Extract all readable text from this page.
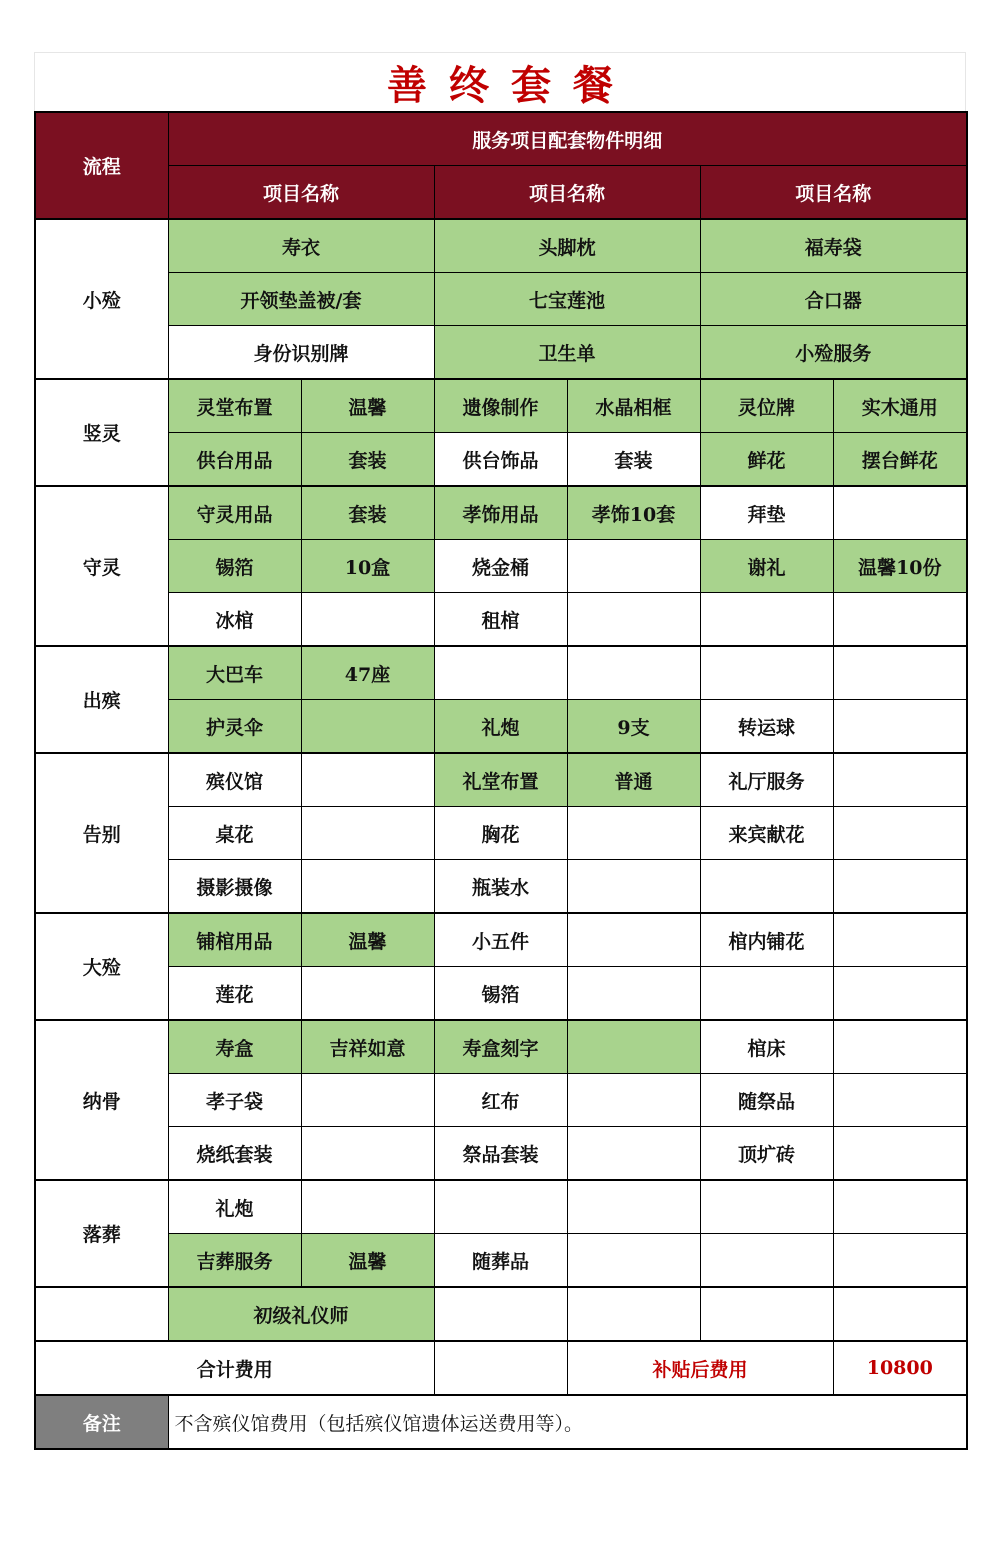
善终套餐
流程	服务项目配套物件明细					
	项目名称		项目名称		项目名称	
小殓	寿衣		头脚枕		福寿袋	
	开领垫盖被/套		七宝莲池		合口器	
	身份识别牌		卫生单		小殓服务	
竖灵	灵堂布置	温馨	遗像制作	水晶相框	灵位牌	实木通用
	供台用品	套装	供台饰品	套装	鲜花	摆台鲜花
守灵	守灵用品	套装	孝饰用品	孝饰10套	拜垫	
	锡箔	10盒	烧金桶		谢礼	温馨10份
	冰棺		租棺			
出殡	大巴车	47座				
	护灵伞		礼炮	9支	转运球	
告别	殡仪馆		礼堂布置	普通	礼厅服务	
	桌花		胸花		来宾献花	
	摄影摄像		瓶装水			
大殓	铺棺用品	温馨	小五件		棺内铺花	
	莲花		锡箔			
纳骨	寿盒	吉祥如意	寿盒刻字		棺床	
	孝子袋		红布		随祭品	
	烧纸套装		祭品套装		顶圹砖	
落葬	礼炮					
	吉葬服务	温馨	随葬品			
	初级礼仪师					
合计费用				补贴后费用		10800
备注	不含殡仪馆费用（包括殡仪馆遗体运送费用等）。					
